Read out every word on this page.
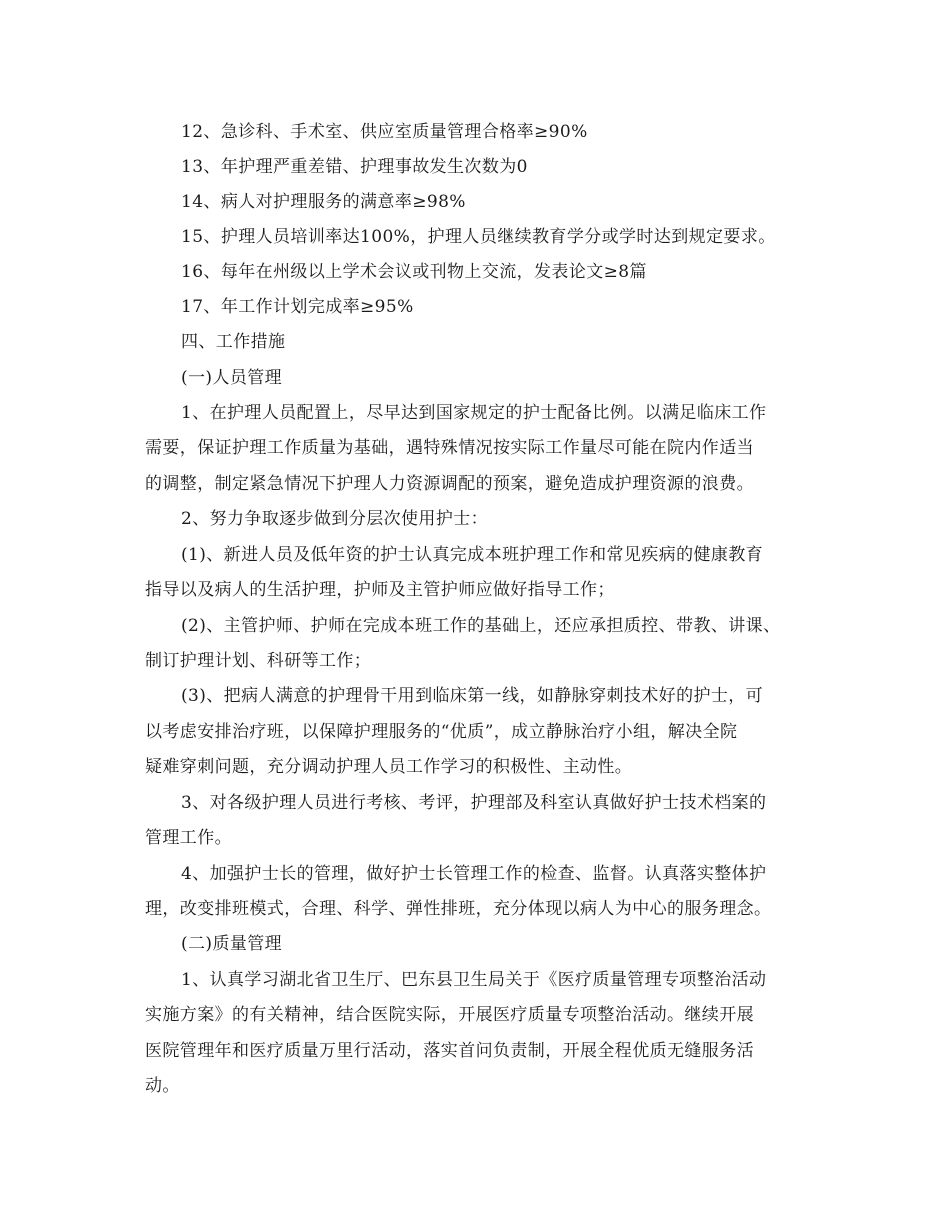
12、急诊科、手术室、供应室质量管理合格率≥90%
13、年护理严重差错、护理事故发生次数为0
14、病人对护理服务的满意率≥98%
15、护理人员培训率达100%，护理人员继续教育学分或学时达到规定要求。
16、每年在州级以上学术会议或刊物上交流，发表论文≥8篇
17、年工作计划完成率≥95%
四、工作措施
(一)人员管理
1、在护理人员配置上，尽早达到国家规定的护士配备比例。以满足临床工作
需要，保证护理工作质量为基础，遇特殊情况按实际工作量尽可能在院内作适当
的调整，制定紧急情况下护理人力资源调配的预案，避免造成护理资源的浪费。
2、努力争取逐步做到分层次使用护士：
(1)、新进人员及低年资的护士认真完成本班护理工作和常见疾病的健康教育
指导以及病人的生活护理，护师及主管护师应做好指导工作；
(2)、主管护师、护师在完成本班工作的基础上，还应承担质控、带教、讲课、
制订护理计划、科研等工作；
(3)、把病人满意的护理骨干用到临床第一线，如静脉穿刺技术好的护士，可
以考虑安排治疗班，以保障护理服务的“优质”，成立静脉治疗小组，解决全院
疑难穿刺问题，充分调动护理人员工作学习的积极性、主动性。
3、对各级护理人员进行考核、考评，护理部及科室认真做好护士技术档案的
管理工作。
4、加强护士长的管理，做好护士长管理工作的检查、监督。认真落实整体护
理，改变排班模式，合理、科学、弹性排班，充分体现以病人为中心的服务理念。
(二)质量管理
1、认真学习湖北省卫生厅、巴东县卫生局关于《医疗质量管理专项整治活动
实施方案》的有关精神，结合医院实际，开展医疗质量专项整治活动。继续开展
医院管理年和医疗质量万里行活动，落实首问负责制，开展全程优质无缝服务活
动。
